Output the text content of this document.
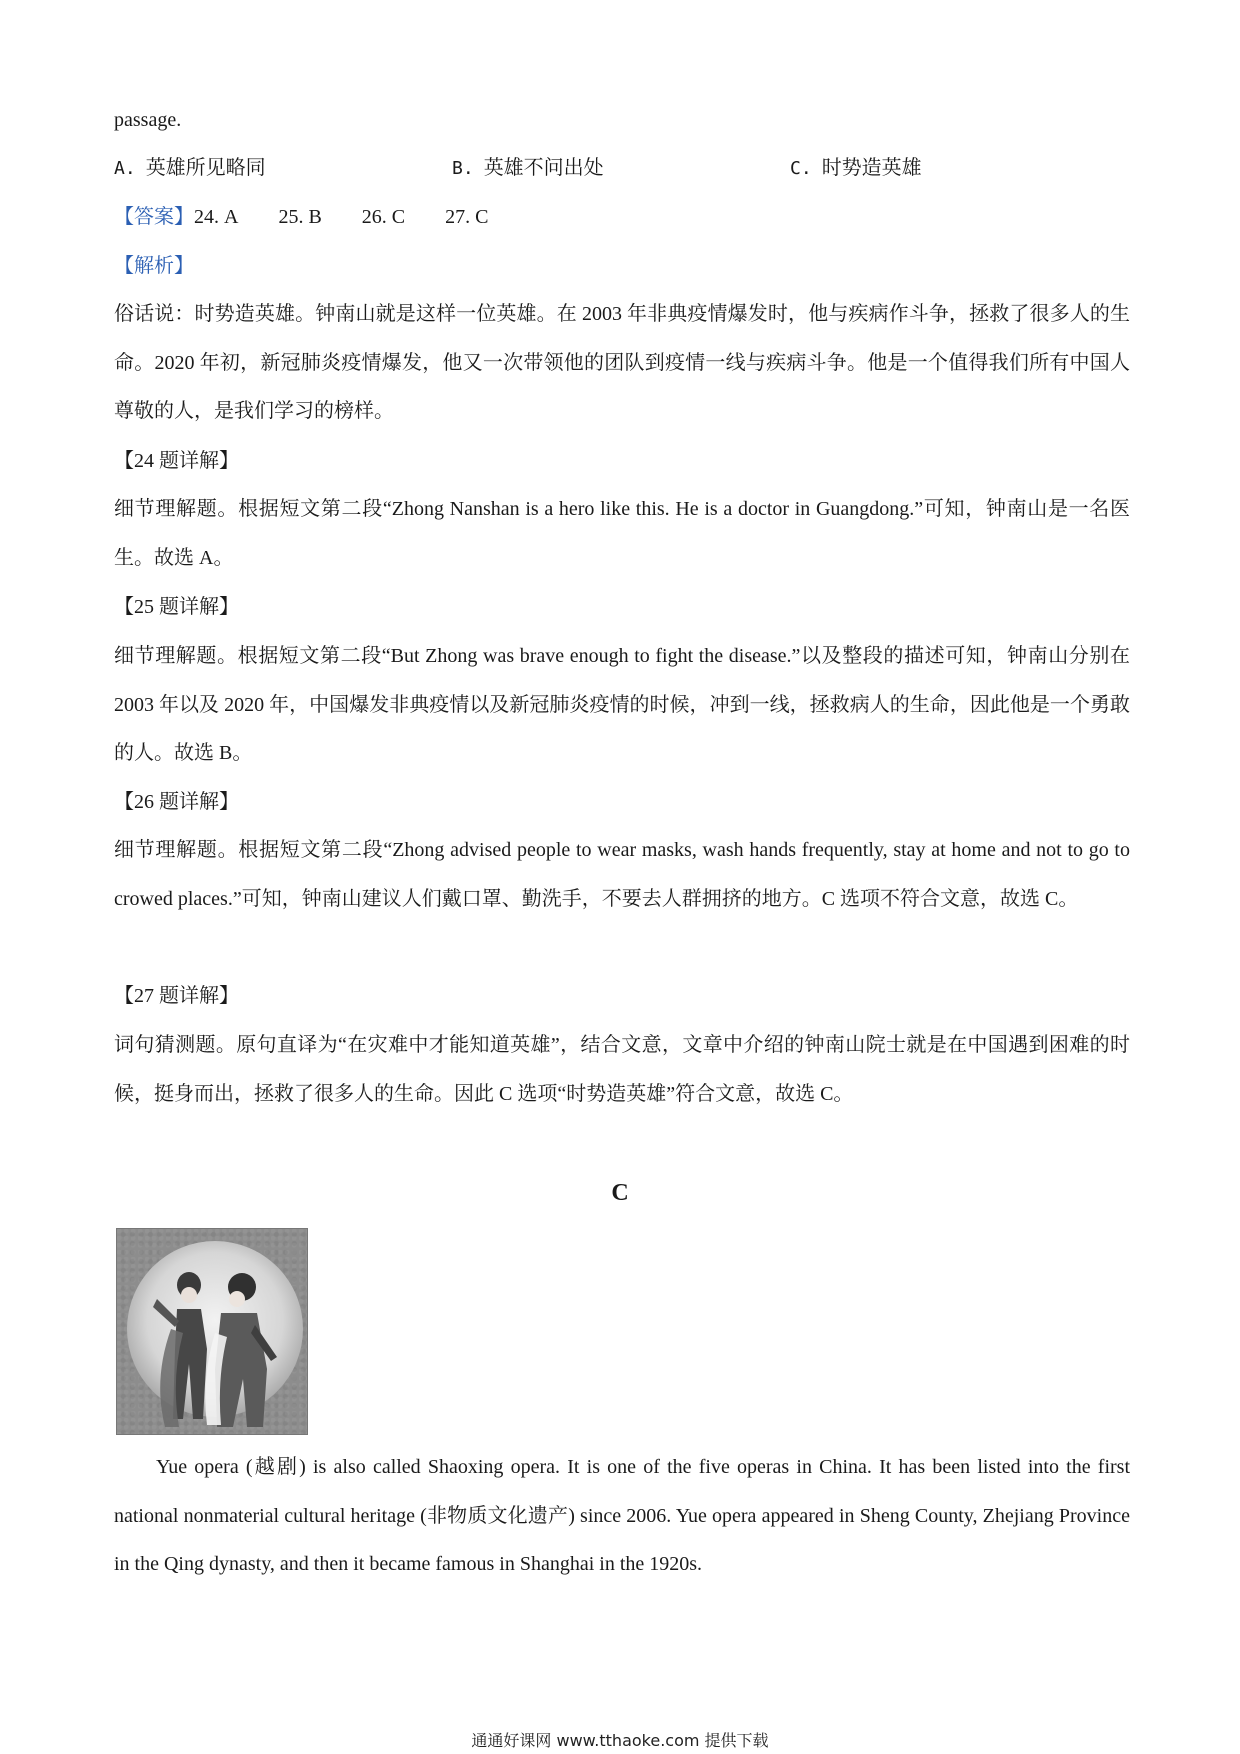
passage.
A. 英雄所见略同	B. 英雄不问出处	C. 时势造英雄
【答案】24. A 25. B 26. C 27. C
【解析】
俗话说：时势造英雄。钟南山就是这样一位英雄。在 2003 年非典疫情爆发时，他与疾病作斗争，拯救了很多人的生命。2020 年初，新冠肺炎疫情爆发，他又一次带领他的团队到疫情一线与疾病斗争。他是一个值得我们所有中国人尊敬的人，是我们学习的榜样。
【24 题详解】
细节理解题。根据短文第二段“Zhong Nanshan is a hero like this. He is a doctor in Guangdong.”可知，钟南山是一名医生。故选 A。
【25 题详解】
细节理解题。根据短文第二段“But Zhong was brave enough to fight the disease.”以及整段的描述可知，钟南山分别在 2003 年以及 2020 年，中国爆发非典疫情以及新冠肺炎疫情的时候，冲到一线，拯救病人的生命，因此他是一个勇敢的人。故选 B。
【26 题详解】
细节理解题。根据短文第二段“Zhong advised people to wear masks, wash hands frequently, stay at home and not to go to crowed places.”可知，钟南山建议人们戴口罩、勤洗手，不要去人群拥挤的地方。C 选项不符合文意，故选 C。
【27 题详解】
词句猜测题。原句直译为“在灾难中才能知道英雄”，结合文意，文章中介绍的钟南山院士就是在中国遇到困难的时候，挺身而出，拯救了很多人的生命。因此 C 选项“时势造英雄”符合文意，故选 C。
C
Yue opera (越剧) is also called Shaoxing opera. It is one of the five operas in China. It has been listed into the first national nonmaterial cultural heritage (非物质文化遗产) since 2006. Yue opera appeared in Sheng County, Zhejiang Province in the Qing dynasty, and then it became famous in Shanghai in the 1920s.
通通好课网 www.tthaoke.com 提供下载
